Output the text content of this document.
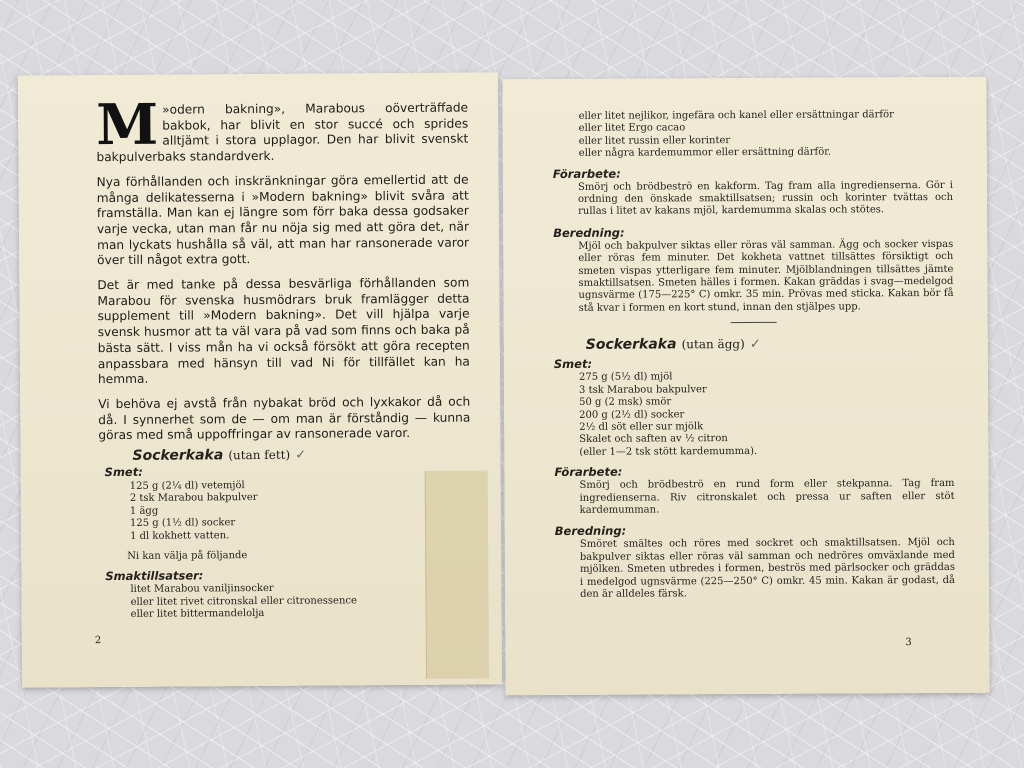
»
M odern bakning», Marabous oöverträffade bakbok, har blivit en stor succé och sprides alltjämt i stora upplagor. Den har blivit svenskt bakpulverbaks standardverk.

Nya förhållanden och inskränkningar göra emellertid att de många delikatesserna i »Modern bakning» blivit svåra att framställa. Man kan ej längre som förr baka dessa godsaker varje vecka, utan man får nu nöja sig med att göra det, när man lyckats hushålla så väl, att man har ransonerade varor över till något extra gott.

Det är med tanke på dessa besvärliga förhållanden som Marabou för svenska husmödrars bruk framlägger detta supplement till »Modern bakning». Det vill hjälpa varje svensk husmor att ta väl vara på vad som finns och baka på bästa sätt. I viss mån ha vi också försökt att göra recepten anpassbara med hänsyn till vad Ni för tillfället kan ha hemma.

Vi behöva ej avstå från nybakat bröd och lyxkakor då och då. I synnerhet som de — om man är förståndig — kunna göras med små uppoffringar av ransonerade varor.

Sockerkaka (utan fett) ✓
Smet:
125 g (2¼ dl) vetemjöl
2 tsk Marabou bakpulver
1 ägg
125 g (1½ dl) socker
1 dl kokhett vatten.
Ni kan välja på följande
Smaktillsatser:
litet Marabou vaniljinsocker
eller litet rivet citronskal eller citronessence
eller litet bittermandelolja
2
eller litet nejlikor, ingefära och kanel eller ersättningar därför
eller litet Ergo cacao
eller litet russin eller korinter
eller några kardemummor eller ersättning därför.
Förarbete:
Smörj och brödbeströ en kakform. Tag fram alla ingredienserna. Gör i ordning den önskade smaktillsatsen; russin och korinter tvättas och rullas i litet av kakans mjöl, kardemumma skalas och stötes.
Beredning:
Mjöl och bakpulver siktas eller röras väl samman. Ägg och socker vispas eller röras fem minuter. Det kokheta vattnet tillsättes försiktigt och smeten vispas ytterligare fem minuter. Mjölblandningen tillsättes jämte smaktillsatsen. Smeten hälles i formen. Kakan gräddas i svag—medelgod ugnsvärme (175—225° C) omkr. 35 min. Prövas med sticka. Kakan bör få stå kvar i formen en kort stund, innan den stjälpes upp.
Sockerkaka (utan ägg) ✓
Smet:
275 g (5½ dl) mjöl
3 tsk Marabou bakpulver
50 g (2 msk) smör
200 g (2½ dl) socker
2½ dl söt eller sur mjölk
Skalet och saften av ½ citron
(eller 1—2 tsk stött kardemumma).
Förarbete:
Smörj och brödbeströ en rund form eller stekpanna. Tag fram ingredienserna. Riv citronskalet och pressa ur saften eller stöt kardemumman.
Beredning:
Smöret smältes och röres med sockret och smaktillsatsen. Mjöl och bakpulver siktas eller röras väl samman och nedröres omväxlande med mjölken. Smeten utbredes i formen, beströs med pärlsocker och gräddas i medelgod ugnsvärme (225—250° C) omkr. 45 min. Kakan är godast, då den är alldeles färsk.
3
